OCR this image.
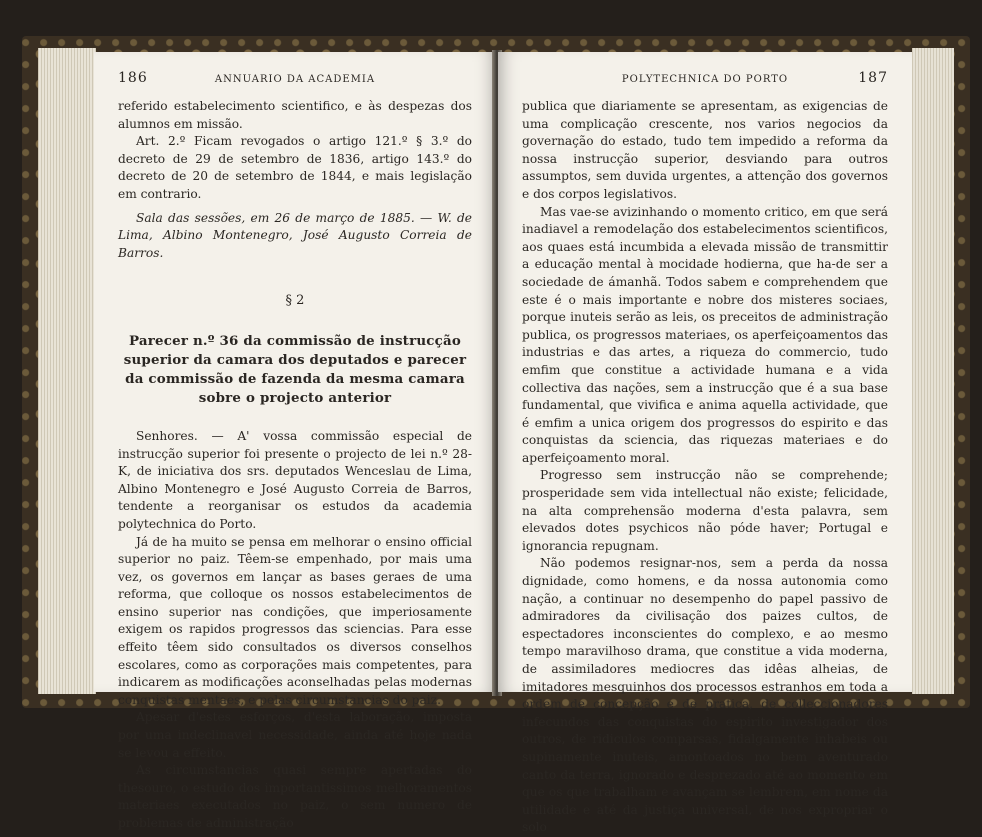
186	ANNUARIO DA ACADEMIA

referido estabelecimento scientifico, e às despezas dos alumnos em missão.

Art. 2.º Ficam revogados o artigo 121.º § 3.º do decreto de 29 de setembro de 1836, artigo 143.º do decreto de 20 de setembro de 1844, e mais legislação em contrario.

Sala das sessões, em 26 de março de 1885. — W. de Lima, Albino Montenegro, José Augusto Correia de Barros.

§ 2
Parecer n.º 36 da commissão de instrucção superior da camara dos deputados e parecer da commissão de fazenda da mesma camara sobre o projecto anterior

Senhores. — A' vossa commissão especial de instrucção superior foi presente o projecto de lei n.º 28-K, de iniciativa dos srs. deputados Wenceslau de Lima, Albino Montenegro e José Augusto Correia de Barros, tendente a reorganisar os estudos da academia polytechnica do Porto.

Já de ha muito se pensa em melhorar o ensino official superior no paiz. Têem-se empenhado, por mais uma vez, os governos em lançar as bases geraes de uma reforma, que colloque os nossos estabelecimentos de ensino superior nas condições, que imperiosamente exigem os rapidos progressos das sciencias. Para esse effeito têem sido consultados os diversos conselhos escolares, como as corporações mais competentes, para indicarem as modificações aconselhadas pelas modernas conquistas mentaes, e pelas circumstancias do paiz.

Apesar d'estes esforços, d'esta laboração, imposta por uma indeclinavel necessidade, ainda até hoje nada se levou a effeito.

As circumstancias quasi sempre apertadas do thesouro, o estudo dos importantissimos melhoramentos materiaes executados no paiz, o sem numero de problemas de administração

POLYTECHNICA DO PORTO	187

publica que diariamente se apresentam, as exigencias de uma complicação crescente, nos varios negocios da governação do estado, tudo tem impedido a reforma da nossa instrucção superior, desviando para outros assumptos, sem duvida urgentes, a attenção dos governos e dos corpos legislativos.

Mas vae-se avizinhando o momento critico, em que será inadiavel a remodelação dos estabelecimentos scientificos, aos quaes está incumbida a elevada missão de transmittir a educação mental à mocidade hodierna, que ha-de ser a sociedade de ámanhã. Todos sabem e comprehendem que este é o mais importante e nobre dos misteres sociaes, porque inuteis serão as leis, os preceitos de administração publica, os progressos materiaes, os aperfeiçoamentos das industrias e das artes, a riqueza do commercio, tudo emfim que constitue a actividade humana e a vida collectiva das nações, sem a instrucção que é a sua base fundamental, que vivifica e anima aquella actividade, que é emfim a unica origem dos progressos do espirito e das conquistas da sciencia, das riquezas materiaes e do aperfeiçoamento moral.

Progresso sem instrucção não se comprehende; prosperidade sem vida intellectual não existe; felicidade, na alta comprehensão moderna d'esta palavra, sem elevados dotes psychicos não póde haver; Portugal e ignorancia repugnam.

Não podemos resignar-nos, sem a perda da nossa dignidade, como homens, e da nossa autonomia como nação, a continuar no desempenho do papel passivo de admiradores da civilisação dos paizes cultos, de espectadores inconscientes do complexo, e ao mesmo tempo maravilhoso drama, que constitue a vida moderna, de assimiladores mediocres das idêas alheias, de imitadores mesquinhos dos processos estranhos em toda a ordem de concepção e de pratica, de colleccionadores infecundos das conquistas do espirito investigador dos outros, de ridiculos comparsas, fidalgamente inhabeis ou supinamente inuteis, amontoados no bem aventurado canto da terra, ignorado e desprezado até ao momento em que os que trabalham e avançam se lembrem, em nome da utilidade e até da justiça universal, de nos expropriar o solo
